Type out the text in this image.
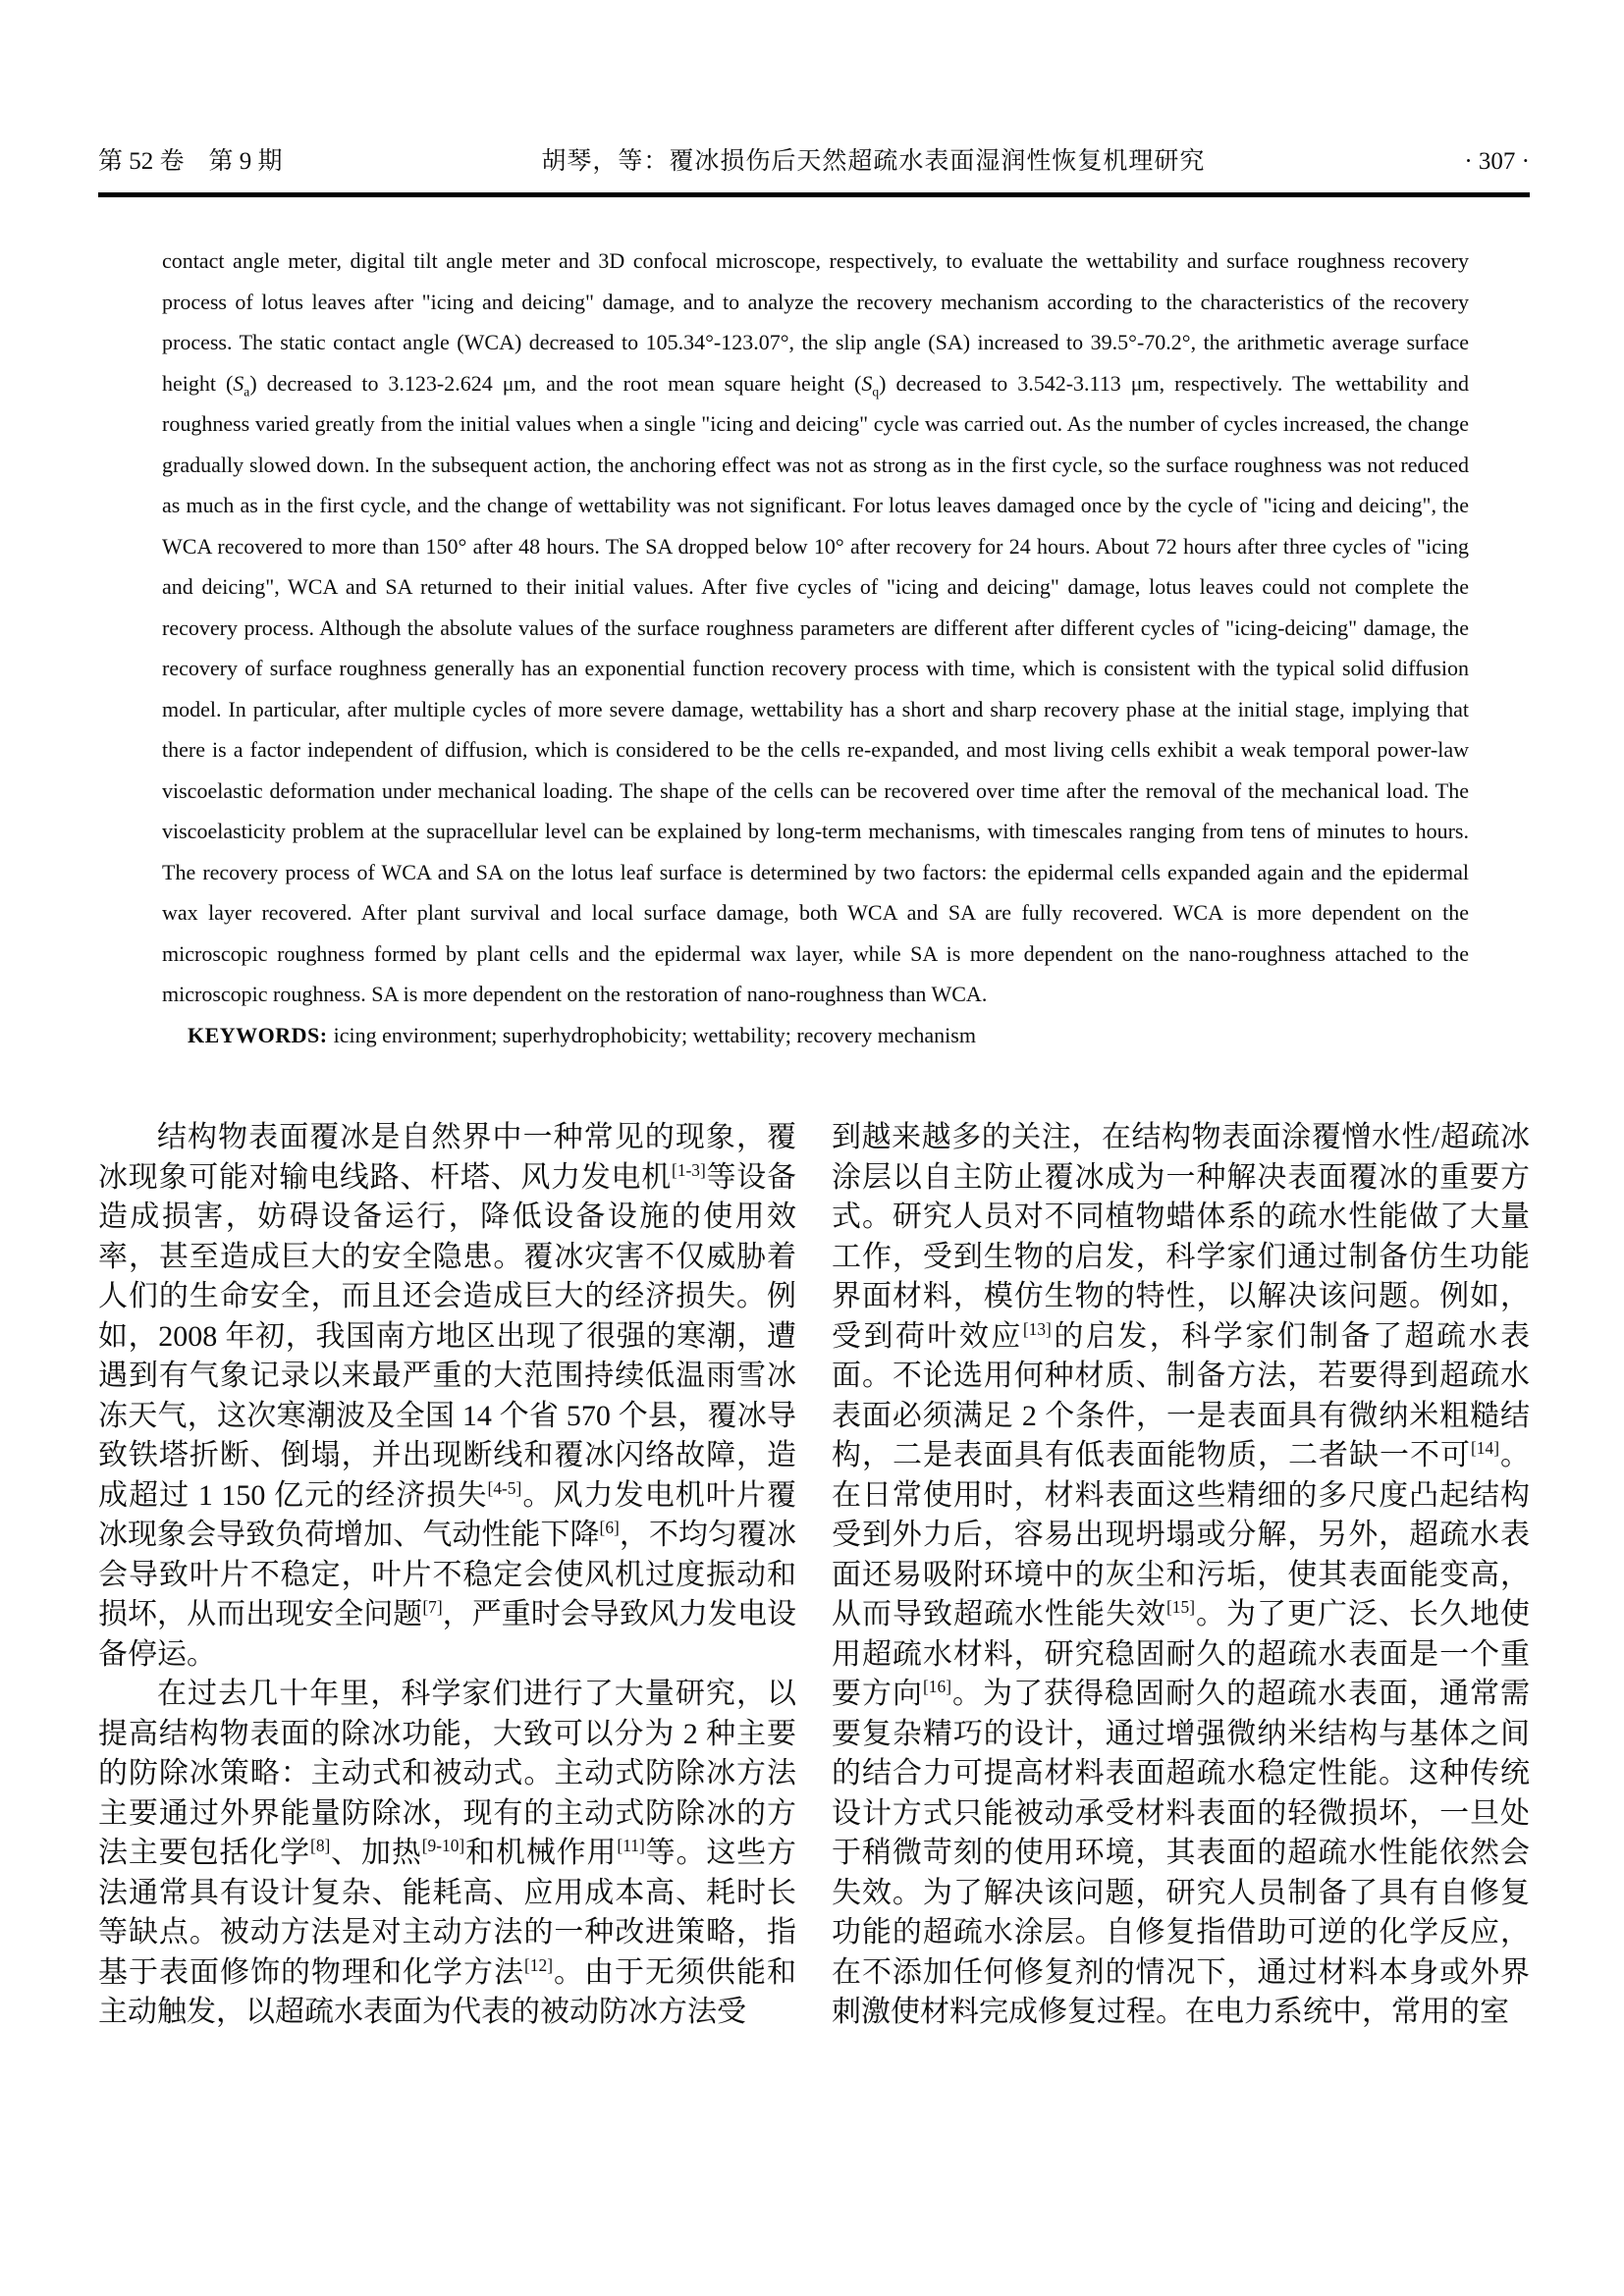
第 52 卷　第 9 期	胡琴，等：覆冰损伤后天然超疏水表面湿润性恢复机理研究	· 307 ·

contact angle meter, digital tilt angle meter and 3D confocal microscope, respectively, to evaluate the wettability and surface roughness recovery process of lotus leaves after "icing and deicing" damage, and to analyze the recovery mechanism according to the characteristics of the recovery process. The static contact angle (WCA) decreased to 105.34°-123.07°, the slip angle (SA) increased to 39.5°-70.2°, the arithmetic average surface height $(S_a)$ decreased to 3.123-2.624 μm, and the root mean square height $(S_q)$ decreased to 3.542-3.113 μm, respectively. The wettability and roughness varied greatly from the initial values when a single "icing and deicing" cycle was carried out. As the number of cycles increased, the change gradually slowed down. In the subsequent action, the anchoring effect was not as strong as in the first cycle, so the surface roughness was not reduced as much as in the first cycle, and the change of wettability was not significant. For lotus leaves damaged once by the cycle of "icing and deicing", the WCA recovered to more than 150° after 48 hours. The SA dropped below 10° after recovery for 24 hours. About 72 hours after three cycles of "icing and deicing", WCA and SA returned to their initial values. After five cycles of "icing and deicing" damage, lotus leaves could not complete the recovery process. Although the absolute values of the surface roughness parameters are different after different cycles of "icing-deicing" damage, the recovery of surface roughness generally has an exponential function recovery process with time, which is consistent with the typical solid diffusion model. In particular, after multiple cycles of more severe damage, wettability has a short and sharp recovery phase at the initial stage, implying that there is a factor independent of diffusion, which is considered to be the cells re-expanded, and most living cells exhibit a weak temporal power-law viscoelastic deformation under mechanical loading. The shape of the cells can be recovered over time after the removal of the mechanical load. The viscoelasticity problem at the supracellular level can be explained by long-term mechanisms, with timescales ranging from tens of minutes to hours. The recovery process of WCA and SA on the lotus leaf surface is determined by two factors: the epidermal cells expanded again and the epidermal wax layer recovered. After plant survival and local surface damage, both WCA and SA are fully recovered. WCA is more dependent on the microscopic roughness formed by plant cells and the epidermal wax layer, while SA is more dependent on the nano-roughness attached to the microscopic roughness. SA is more dependent on the restoration of nano-roughness than WCA.

KEYWORDS: icing environment; superhydrophobicity; wettability; recovery mechanism

结构物表面覆冰是自然界中一种常见的现象，覆冰现象可能对输电线路、杆塔、风力发电机[1-3]等设备造成损害，妨碍设备运行，降低设备设施的使用效率，甚至造成巨大的安全隐患。覆冰灾害不仅威胁着人们的生命安全，而且还会造成巨大的经济损失。例如，2008 年初，我国南方地区出现了很强的寒潮，遭遇到有气象记录以来最严重的大范围持续低温雨雪冰冻天气，这次寒潮波及全国 14 个省 570 个县，覆冰导致铁塔折断、倒塌，并出现断线和覆冰闪络故障，造成超过 1 150 亿元的经济损失[4-5]。风力发电机叶片覆冰现象会导致负荷增加、气动性能下降[6]，不均匀覆冰会导致叶片不稳定，叶片不稳定会使风机过度振动和损坏，从而出现安全问题[7]，严重时会导致风力发电设备停运。

在过去几十年里，科学家们进行了大量研究，以提高结构物表面的除冰功能，大致可以分为 2 种主要的防除冰策略：主动式和被动式。主动式防除冰方法主要通过外界能量防除冰，现有的主动式防除冰的方法主要包括化学[8]、加热[9-10]和机械作用[11]等。这些方法通常具有设计复杂、能耗高、应用成本高、耗时长等缺点。被动方法是对主动方法的一种改进策略，指基于表面修饰的物理和化学方法[12]。由于无须供能和主动触发，以超疏水表面为代表的被动防冰方法受

到越来越多的关注，在结构物表面涂覆憎水性/超疏冰涂层以自主防止覆冰成为一种解决表面覆冰的重要方式。研究人员对不同植物蜡体系的疏水性能做了大量工作，受到生物的启发，科学家们通过制备仿生功能界面材料，模仿生物的特性，以解决该问题。例如，受到荷叶效应[13]的启发，科学家们制备了超疏水表面。不论选用何种材质、制备方法，若要得到超疏水表面必须满足 2 个条件，一是表面具有微纳米粗糙结构，二是表面具有低表面能物质，二者缺一不可[14]。在日常使用时，材料表面这些精细的多尺度凸起结构受到外力后，容易出现坍塌或分解，另外，超疏水表面还易吸附环境中的灰尘和污垢，使其表面能变高，从而导致超疏水性能失效[15]。为了更广泛、长久地使用超疏水材料，研究稳固耐久的超疏水表面是一个重要方向[16]。为了获得稳固耐久的超疏水表面，通常需要复杂精巧的设计，通过增强微纳米结构与基体之间的结合力可提高材料表面超疏水稳定性能。这种传统设计方式只能被动承受材料表面的轻微损坏，一旦处于稍微苛刻的使用环境，其表面的超疏水性能依然会失效。为了解决该问题，研究人员制备了具有自修复功能的超疏水涂层。自修复指借助可逆的化学反应，在不添加任何修复剂的情况下，通过材料本身或外界刺激使材料完成修复过程。在电力系统中，常用的室
